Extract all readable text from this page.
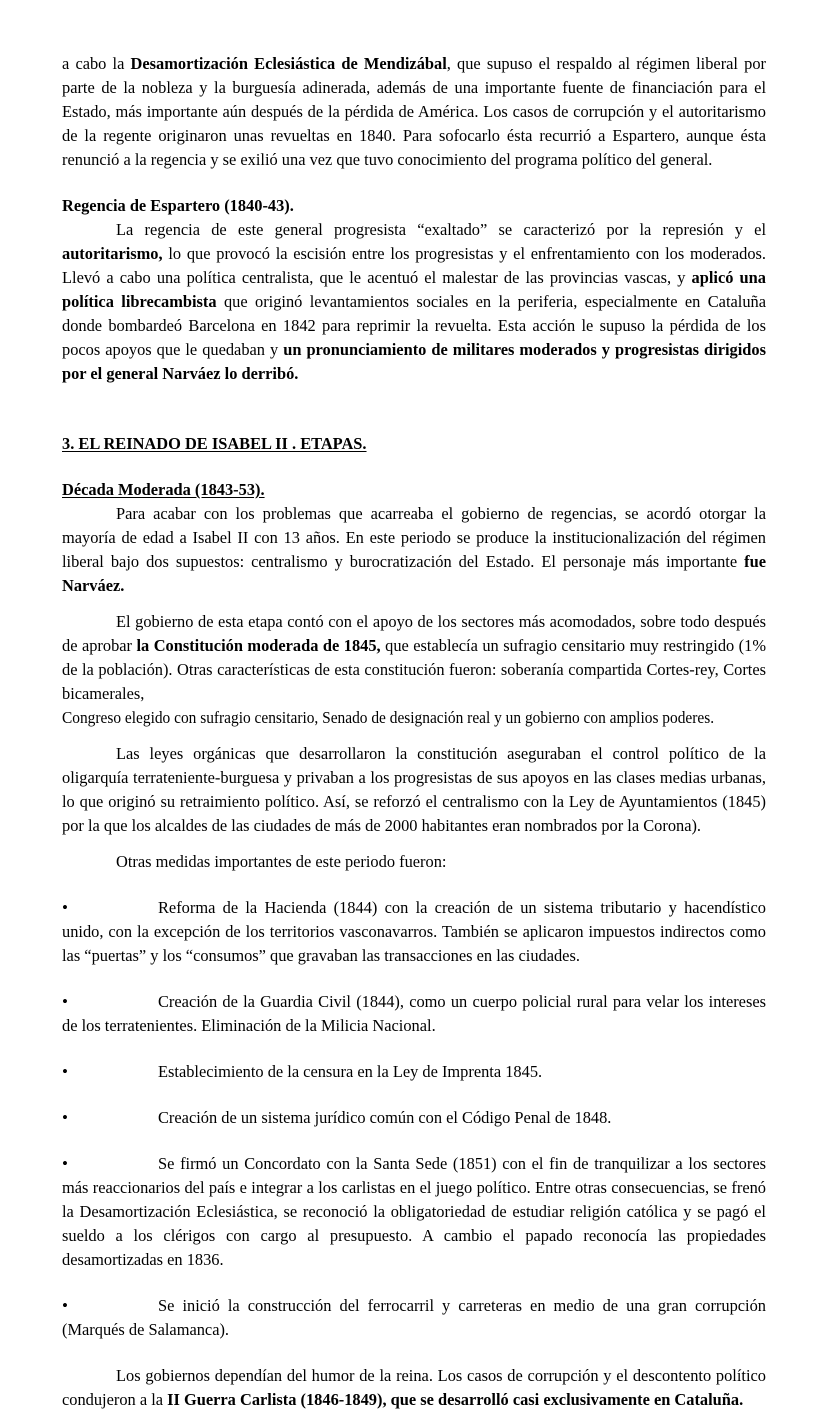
a cabo la Desamortización Eclesiástica de Mendizábal, que supuso el respaldo al régimen liberal por parte de la nobleza y la burguesía adinerada, además de una importante fuente de financiación para el Estado, más importante aún después de la pérdida de América. Los casos de corrupción y el autoritarismo de la regente originaron unas revueltas en 1840. Para sofocarlo ésta recurrió a Espartero, aunque ésta renunció a la regencia y se exilió una vez que tuvo conocimiento del programa político del general.

Regencia de Espartero (1840-43).

La regencia de este general progresista “exaltado” se caracterizó por la represión y el autoritarismo, lo que provocó la escisión entre los progresistas y el enfrentamiento con los moderados. Llevó a cabo una política centralista, que le acentuó el malestar de las provincias vascas, y aplicó una política librecambista que originó levantamientos sociales en la periferia, especialmente en Cataluña donde bombardeó Barcelona en 1842 para reprimir la revuelta. Esta acción le supuso la pérdida de los pocos apoyos que le quedaban y un pronunciamiento de militares moderados y progresistas dirigidos por el general Narváez lo derribó.

3. EL REINADO DE ISABEL II . ETAPAS.
Década Moderada (1843-53).

Para acabar con los problemas que acarreaba el gobierno de regencias, se acordó otorgar la mayoría de edad a Isabel II con 13 años. En este periodo se produce la institucionalización del régimen liberal bajo dos supuestos: centralismo y burocratización del Estado. El personaje más importante fue Narváez.

El gobierno de esta etapa contó con el apoyo de los sectores más acomodados, sobre todo después de aprobar la Constitución moderada de 1845, que establecía un sufragio censitario muy restringido (1% de la población). Otras características de esta constitución fueron: soberanía compartida Cortes-rey, Cortes bicamerales,

Congreso elegido con sufragio censitario, Senado de designación real y un gobierno con amplios poderes.

Las leyes orgánicas que desarrollaron la constitución aseguraban el control político de la oligarquía terrateniente-burguesa y privaban a los progresistas de sus apoyos en las clases medias urbanas, lo que originó su retraimiento político. Así, se reforzó el centralismo con la Ley de Ayuntamientos (1845) por la que los alcaldes de las ciudades de más de 2000 habitantes eran nombrados por la Corona).

Otras medidas importantes de este periodo fueron:

•	Reforma de la Hacienda (1844) con la creación de un sistema tributario y hacendístico unido, con la excepción de los territorios vasconavarros. También se aplicaron impuestos indirectos como las “puertas” y los “consumos” que gravaban las transacciones en las ciudades.
•	Creación de la Guardia Civil (1844), como un cuerpo policial rural para velar los intereses de los terratenientes. Eliminación de la Milicia Nacional.
•	Establecimiento de la censura en la Ley de Imprenta 1845.
•	Creación de un sistema jurídico común con el Código Penal de 1848.
•	Se firmó un Concordato con la Santa Sede (1851) con el fin de tranquilizar a los sectores más reaccionarios del país e integrar a los carlistas en el juego político. Entre otras consecuencias, se frenó la Desamortización Eclesiástica, se reconoció la obligatoriedad de estudiar religión católica y se pagó el sueldo a los clérigos con cargo al presupuesto. A cambio el papado reconocía las propiedades desamortizadas en 1836.
•	Se inició la construcción del ferrocarril y carreteras en medio de una gran corrupción (Marqués de Salamanca).

Los gobiernos dependían del humor de la reina. Los casos de corrupción y el descontento político condujeron a la II Guerra Carlista (1846-1849), que se desarrolló casi exclusivamente en Cataluña.
